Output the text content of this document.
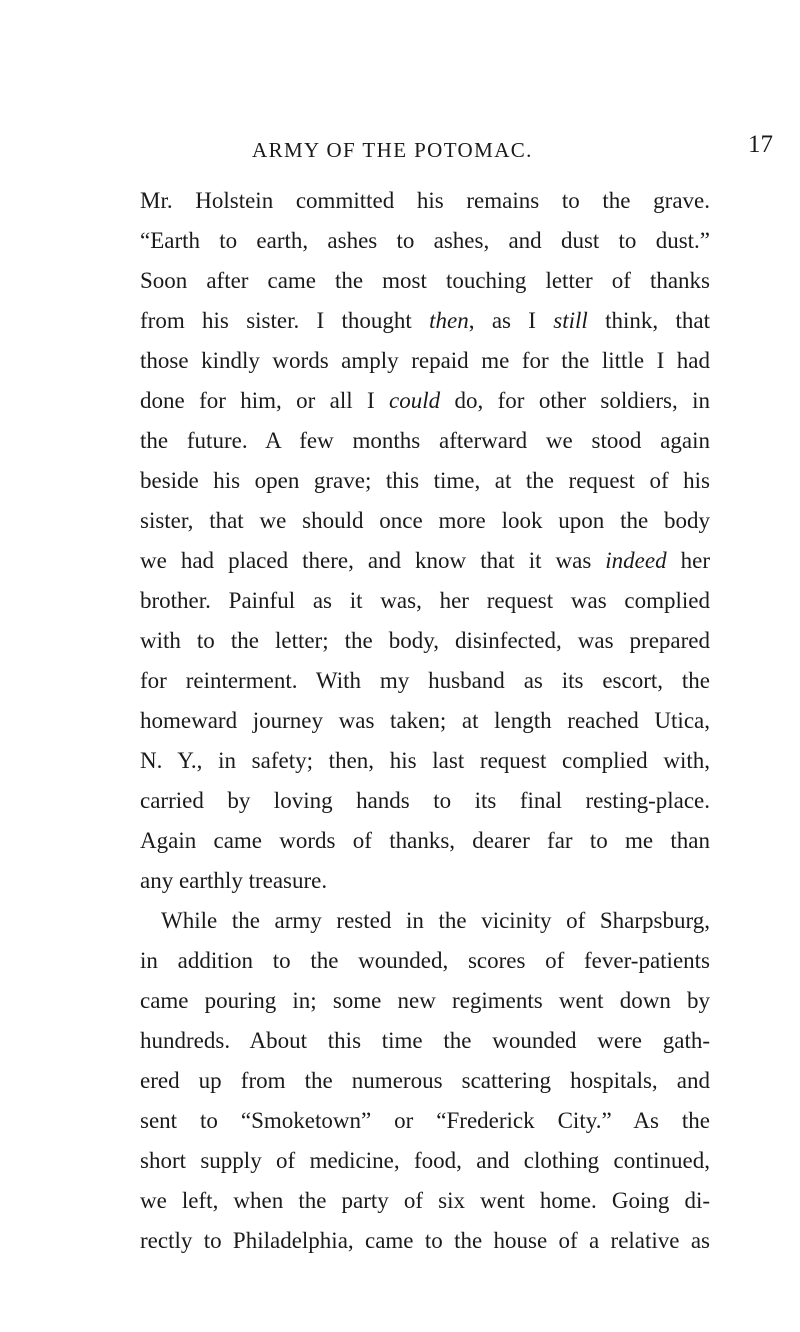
ARMY OF THE POTOMAC.	17
Mr. Holstein committed his remains to the grave.
“Earth to earth, ashes to ashes, and dust to dust.”
Soon after came the most touching letter of thanks
from his sister. I thought then, as I still think, that
those kindly words amply repaid me for the little I had
done for him, or all I could do, for other soldiers, in
the future. A few months afterward we stood again
beside his open grave; this time, at the request of his
sister, that we should once more look upon the body
we had placed there, and know that it was indeed her
brother. Painful as it was, her request was complied
with to the letter; the body, disinfected, was prepared
for reinterment. With my husband as its escort, the
homeward journey was taken; at length reached Utica,
N. Y., in safety; then, his last request complied with,
carried by loving hands to its final resting-place.
Again came words of thanks, dearer far to me than
any earthly treasure.
While the army rested in the vicinity of Sharpsburg,
in addition to the wounded, scores of fever-patients
came pouring in; some new regiments went down by
hundreds. About this time the wounded were gath-
ered up from the numerous scattering hospitals, and
sent to “Smoketown” or “Frederick City.” As the
short supply of medicine, food, and clothing continued,
we left, when the party of six went home. Going di-
rectly to Philadelphia, came to the house of a relative as
